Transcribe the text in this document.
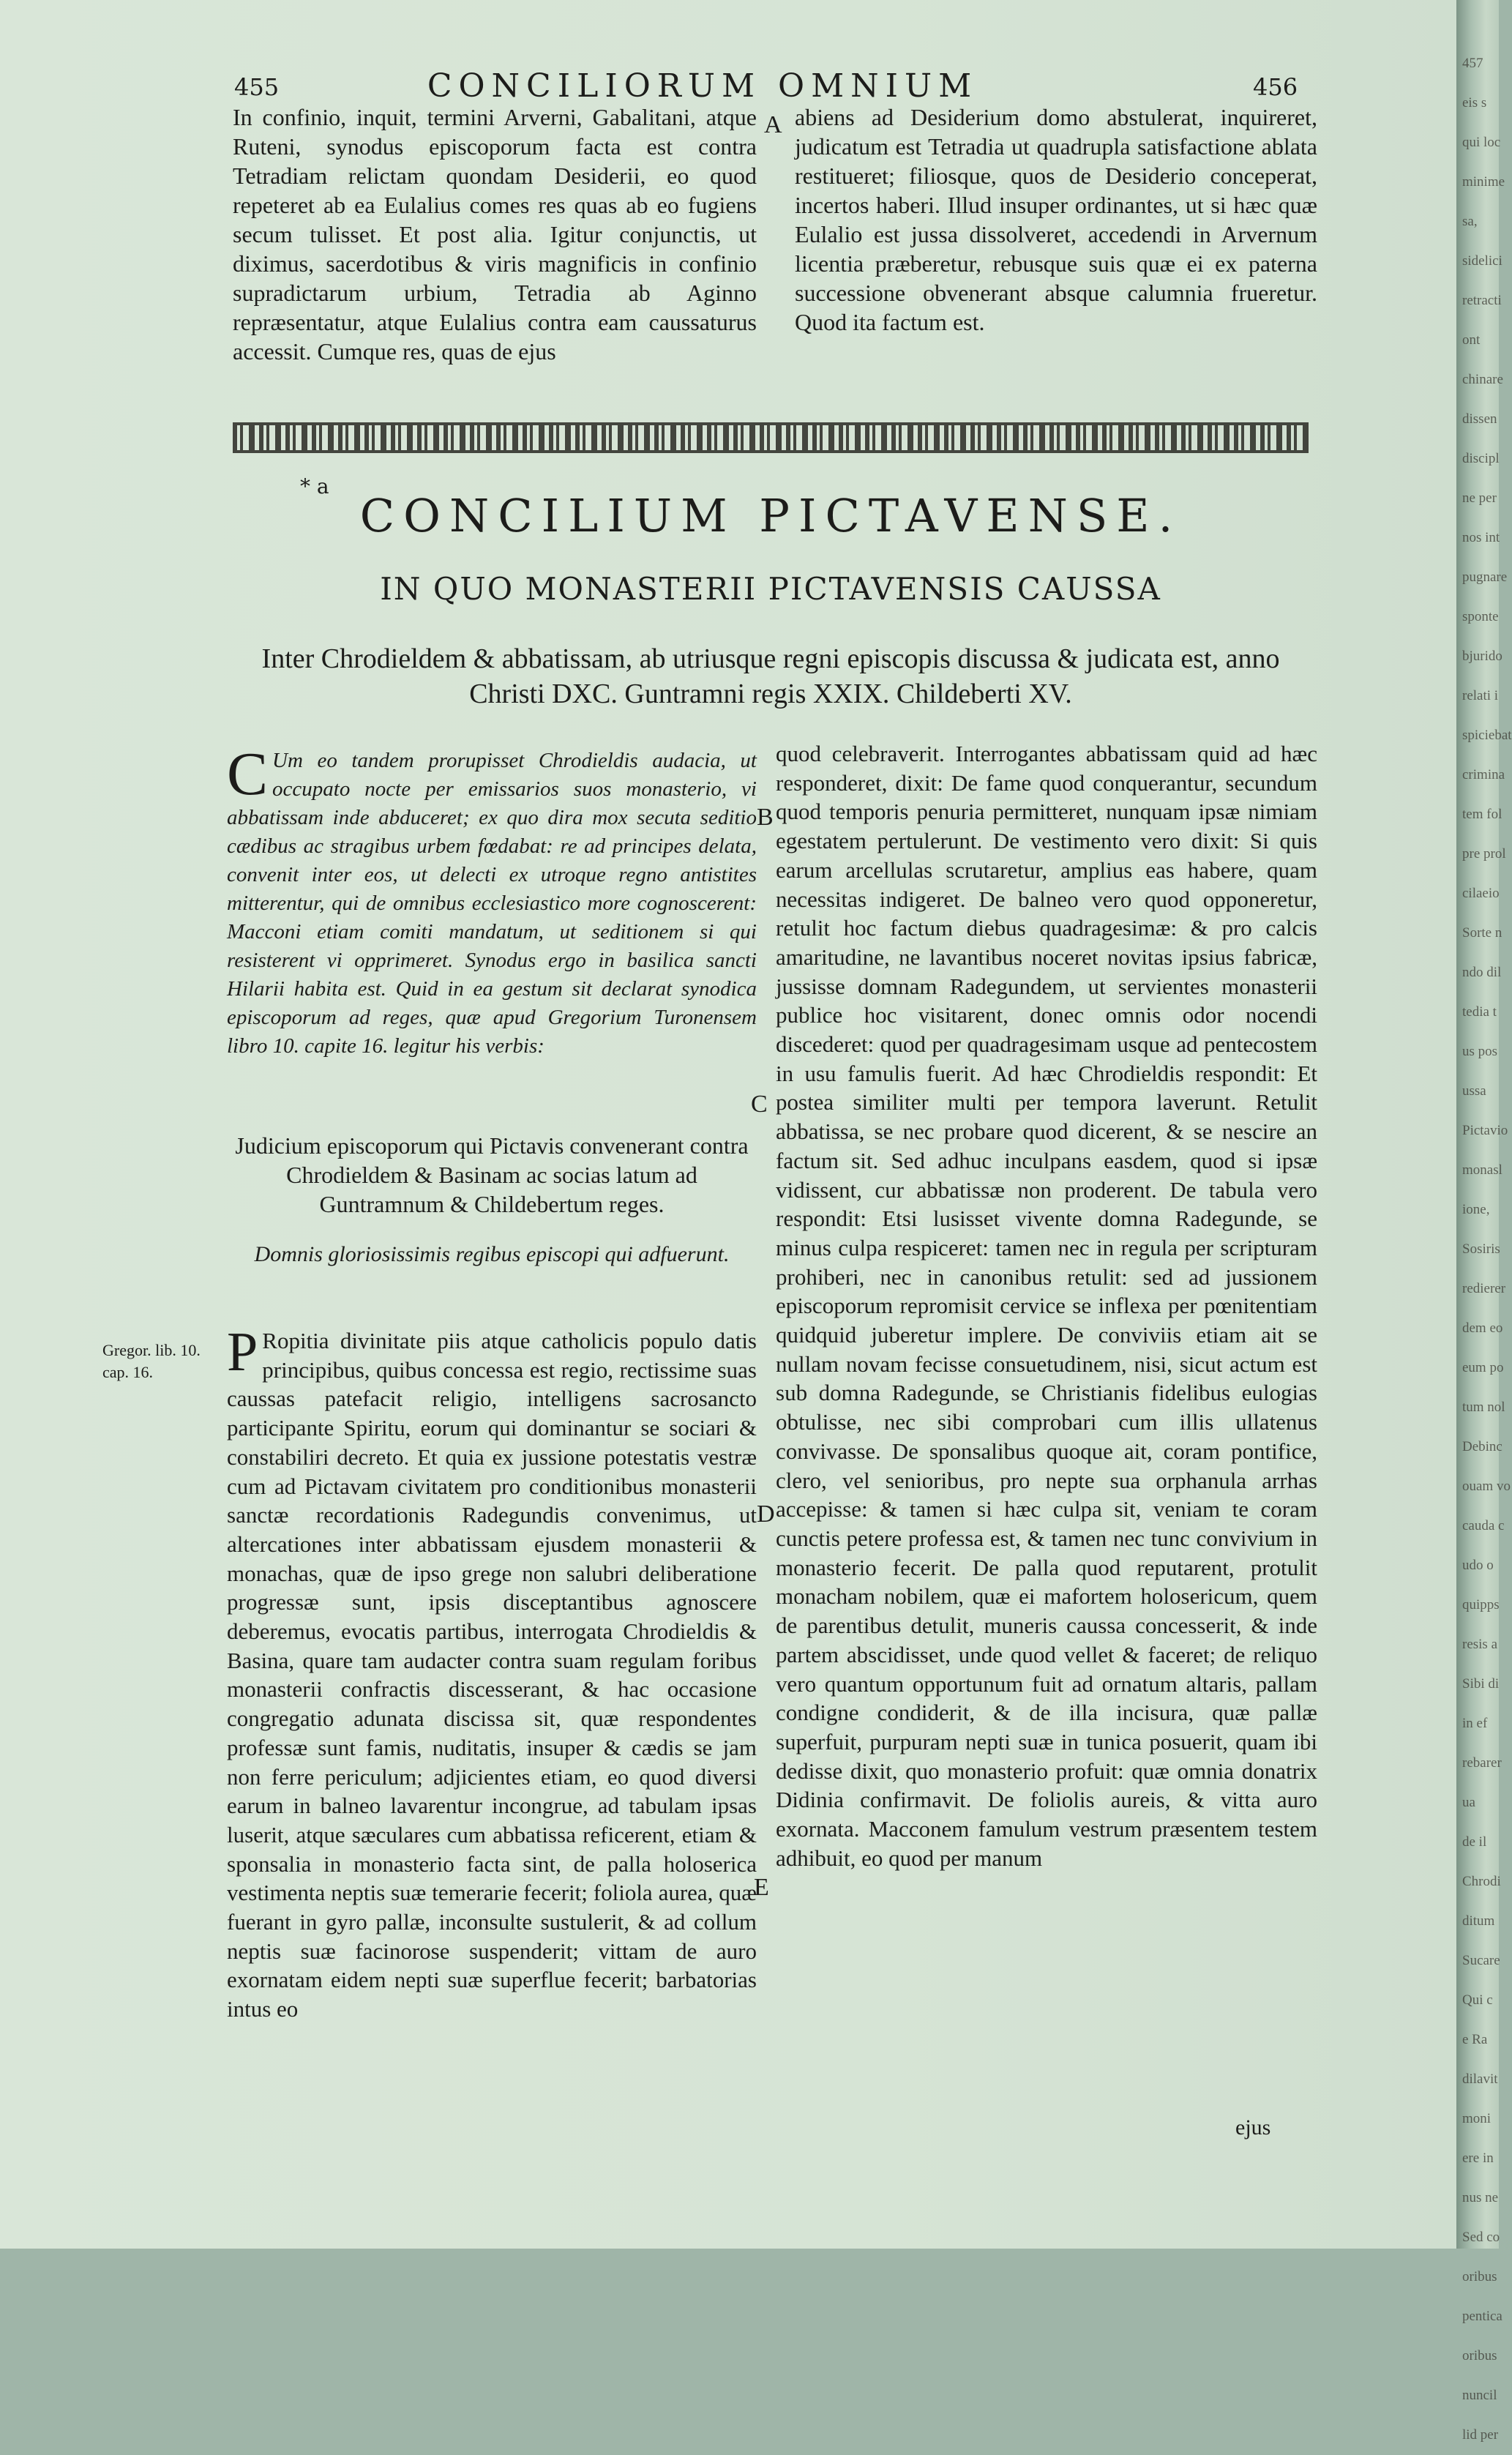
455	CONCILIORUM OMNIUM	456

In confinio, inquit, termini Arverni, Gabalitani, atque Ruteni, synodus episcoporum facta est contra Tetradiam relictam quondam Desiderii, eo quod repeteret ab ea Eulalius comes res quas ab eo fugiens secum tulisset. Et post alia. Igitur conjunctis, ut diximus, sacerdotibus & viris magnificis in confinio supradictarum urbium, Tetradia ab Aginno repræsentatur, atque Eulalius contra eam caussaturus accessit. Cumque res, quas de ejus

A abiens ad Desiderium domo abstulerat, inquireret, judicatum est Tetradia ut quadrupla satisfactione ablata restitueret; filiosque, quos de Desiderio conceperat, incertos haberi. Illud insuper ordinantes, ut si hæc quæ Eulalio est jussa dissolveret, accedendi in Arvernum licentia præberetur, rebusque suis quæ ei ex paterna successione obvenerant absque calumnia frueretur. Quod ita factum est.

* a
CONCILIUM PICTAVENSE.
IN QUO MONASTERII PICTAVENSIS CAUSSA
Inter Chrodieldem & abbatissam, ab utriusque regni episcopis discussa & judicata est, anno Christi DXC. Guntramni regis XXIX. Childeberti XV.
C Um eo tandem prorupisset Chrodieldis audacia, ut occupato nocte per emissarios suos monasterio, vi abbatissam inde abduceret; ex quo dira mox secuta seditio cædibus ac stragibus urbem fœdabat: re ad principes delata, convenit inter eos, ut delecti ex utroque regno antistites mitterentur, qui de omnibus ecclesiastico more cognoscerent: Macconi etiam comiti mandatum, ut seditionem si qui resisterent vi opprimeret. Synodus ergo in basilica sancti Hilarii habita est. Quid in ea gestum sit declarat synodica episcoporum ad reges, quæ apud Gregorium Turonensem libro 10. capite 16. legitur his verbis:
Judicium episcoporum qui Pictavis convenerant contra Chrodieldem & Basinam ac socias latum ad Guntramnum & Childebertum reges.
Domnis gloriosissimis regibus episcopi qui adfuerunt.
Gregor. lib. 10. cap. 16.	P Ropitia divinitate piis atque catholicis populo datis principibus, quibus concessa est regio, rectissime suas caussas patefacit religio, intelligens sacrosancto participante Spiritu, eorum qui dominantur se sociari & constabiliri decreto. Et quia ex jussione potestatis vestræ cum ad Pictavam civitatem pro conditionibus monasterii sanctæ recordationis Radegundis convenimus, ut altercationes inter abbatissam ejusdem monasterii & monachas, quæ de ipso grege non salubri deliberatione progressæ sunt, ipsis disceptantibus agnoscere deberemus, evocatis partibus, interrogata Chrodieldis & Basina, quare tam audacter contra suam regulam foribus monasterii confractis discesserant, & hac occasione congregatio adunata discissa sit, quæ respondentes professæ sunt famis, nuditatis, insuper & cædis se jam non ferre periculum; adjicientes etiam, eo quod diversi earum in balneo lavarentur incongrue, ad tabulam ipsas luserit, atque sæculares cum abbatissa reficerent, etiam & sponsalia in monasterio facta sint, de palla holoserica vestimenta neptis suæ temerarie fecerit; foliola aurea, quæ fuerant in gyro pallæ, inconsulte sustulerit, & ad collum neptis suæ facinorose suspenderit; vittam de auro exornatam eidem nepti suæ superflue fecerit; barbatorias intus eo

B
C
D
E

quod celebraverit. Interrogantes abbatissam quid ad hæc responderet, dixit: De fame quod conquerantur, secundum quod temporis penuria permitteret, nunquam ipsæ nimiam egestatem pertulerunt. De vestimento vero dixit: Si quis earum arcellulas scrutaretur, amplius eas habere, quam necessitas indigeret. De balneo vero quod opponeretur, retulit hoc factum diebus quadragesimæ: & pro calcis amaritudine, ne lavantibus noceret novitas ipsius fabricæ, jussisse domnam Radegundem, ut servientes monasterii publice hoc visitarent, donec omnis odor nocendi discederet: quod per quadragesimam usque ad pentecostem in usu famulis fuerit. Ad hæc Chrodieldis respondit: Et postea similiter multi per tempora laverunt. Retulit abbatissa, se nec probare quod dicerent, & se nescire an factum sit. Sed adhuc inculpans easdem, quod si ipsæ vidissent, cur abbatissæ non proderent. De tabula vero respondit: Etsi lusisset vivente domna Radegunde, se minus culpa respiceret: tamen nec in regula per scripturam prohiberi, nec in canonibus retulit: sed ad jussionem episcoporum repromisit cervice se inflexa per pœnitentiam quidquid juberetur implere. De conviviis etiam ait se nullam novam fecisse consuetudinem, nisi, sicut actum est sub domna Radegunde, se Christianis fidelibus eulogias obtulisse, nec sibi comprobari cum illis ullatenus convivasse. De sponsalibus quoque ait, coram pontifice, clero, vel senioribus, pro nepte sua orphanula arrhas accepisse: & tamen si hæc culpa sit, veniam te coram cunctis petere professa est, & tamen nec tunc convivium in monasterio fecerit. De palla quod reputarent, protulit monacham nobilem, quæ ei mafortem holosericum, quem de parentibus detulit, muneris caussa concesserit, & inde partem abscidisset, unde quod vellet & faceret; de reliquo vero quantum opportunum fuit ad ornatum altaris, pallam condigne condiderit, & de illa incisura, quæ pallæ superfuit, purpuram nepti suæ in tunica posuerit, quam ibi dedisse dixit, quo monasterio profuit: quæ omnia donatrix Didinia confirmavit. De foliolis aureis, & vitta auro exornata. Macconem famulum vestrum præsentem testem adhibuit, eo quod per manum

ejus
457
eis s
qui loc
minime
sa,
sidelici
retracti
ont
chinare
dissen
discipl
ne per
nos int
pugnare
sponte
bjurido
relati i
spiciebat
crimina
tem fol
pre prol
cilaeio
Sorte n
ndo dil
tedia t
us pos
ussa
Pictavio
monasl
ione,
Sosiris
redierer
dem eo
eum po
tum nol
Debinc
ouam vo
cauda c
udo o
quipps
resis a
Sibi di
in ef
rebarer
ua
de il
Chrodi
ditum
Sucare
Qui c
e Ra
dilavit
moni
ere in
nus ne
Sed co
oribus
pentica
oribus
nuncil
lid per
